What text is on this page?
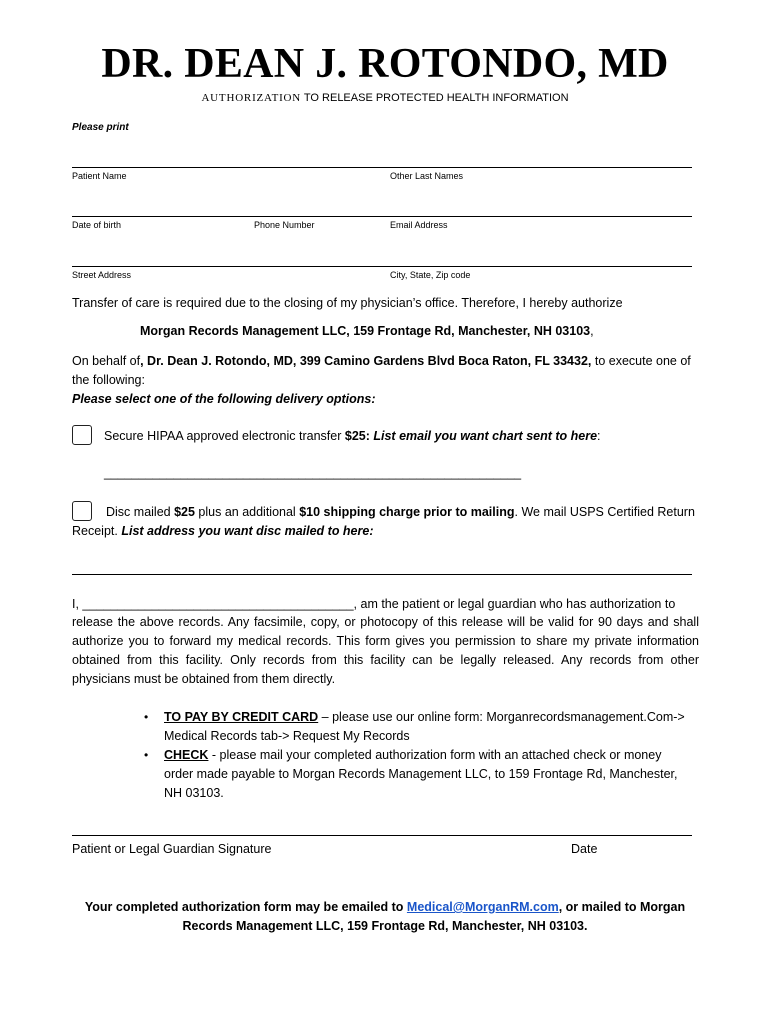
DR. DEAN J. ROTONDO, MD
AUTHORIZATION TO RELEASE PROTECTED HEALTH INFORMATION
Please print
Patient Name	Other Last Names
Date of birth	Phone Number	Email Address
Street Address	City, State, Zip code
Transfer of care is required due to the closing of my physician’s office. Therefore, I hereby authorize
Morgan Records Management LLC, 159 Frontage Rd, Manchester, NH 03103,
On behalf of, Dr. Dean J. Rotondo, MD, 399 Camino Gardens Blvd Boca Raton, FL 33432, to execute one of
the following:
Please select one of the following delivery options:
Secure HIPAA approved electronic transfer $25: List email you want chart sent to here:
____________________________________________________________
Disc mailed $25 plus an additional $10 shipping charge prior to mailing. We mail USPS Certified Return
Receipt. List address you want disc mailed to here:
I, _______________________________________, am the patient or legal guardian who has authorization to
release the above records. Any facsimile, copy, or photocopy of this release will be valid for 90 days and shall authorize you to forward my medical records. This form gives you permission to share my private information obtained from this facility. Only records from this facility can be legally released. Any records from other physicians must be obtained from them directly.
• TO PAY BY CREDIT CARD – please use our online form: Morganrecordsmanagement.Com->
Medical Records tab-> Request My Records
• CHECK - please mail your completed authorization form with an attached check or money
order made payable to Morgan Records Management LLC, to 159 Frontage Rd, Manchester,
NH 03103.
Patient or Legal Guardian Signature	Date
Your completed authorization form may be emailed to Medical@MorganRM.com, or mailed to Morgan
Records Management LLC, 159 Frontage Rd, Manchester, NH 03103.
